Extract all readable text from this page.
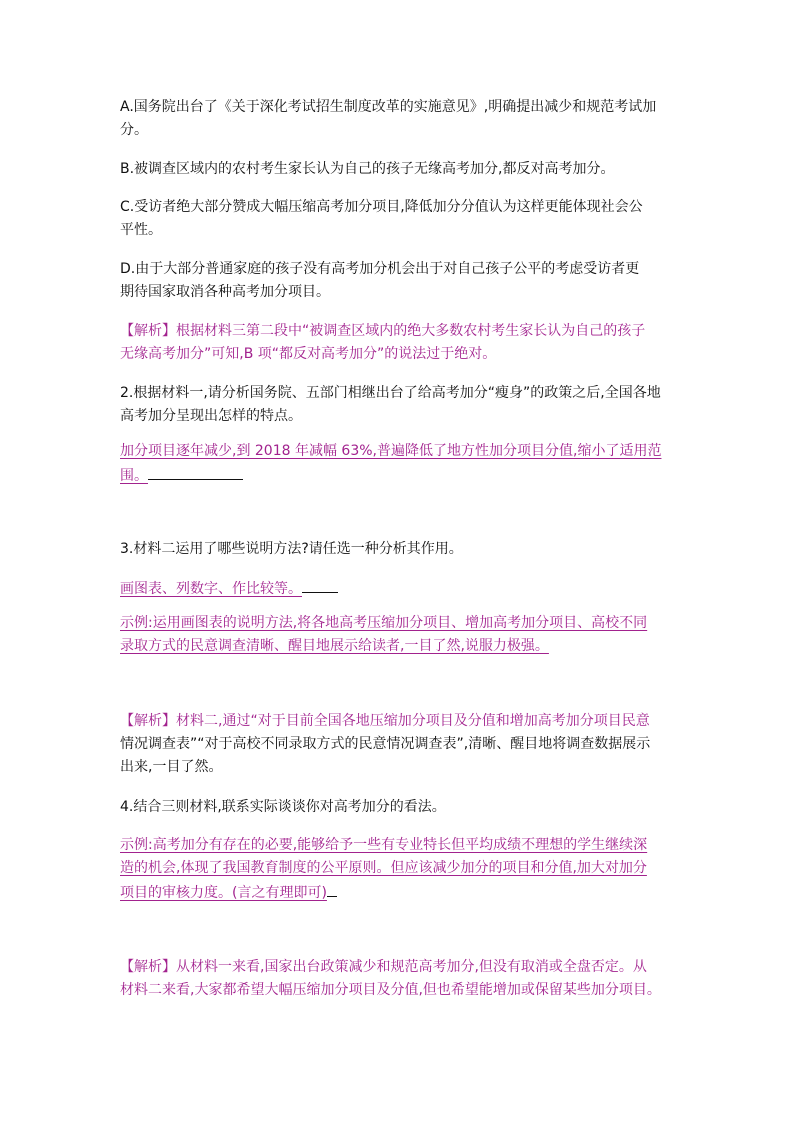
A.国务院出台了《关于深化考试招生制度改革的实施意见》,明确提出减少和规范考试加
分。
B.被调查区域内的农村考生家长认为自己的孩子无缘高考加分,都反对高考加分。
C.受访者绝大部分赞成大幅压缩高考加分项目,降低加分分值认为这样更能体现社会公
平性。
D.由于大部分普通家庭的孩子没有高考加分机会出于对自己孩子公平的考虑受访者更
期待国家取消各种高考加分项目。
【解析】根据材料三第二段中“被调查区域内的绝大多数农村考生家长认为自己的孩子
无缘高考加分”可知,B 项“都反对高考加分”的说法过于绝对。
2.根据材料一,请分析国务院、五部门相继出台了给高考加分“瘦身”的政策之后,全国各地
高考加分呈现出怎样的特点。
加分项目逐年减少,到 2018 年减幅 63%,普遍降低了地方性加分项目分值,缩小了适用范
围。
3.材料二运用了哪些说明方法?请任选一种分析其作用。
画图表、列数字、作比较等。
示例:运用画图表的说明方法,将各地高考压缩加分项目、增加高考加分项目、高校不同
录取方式的民意调查清晰、醒目地展示给读者,一目了然,说服力极强。
【解析】材料二,通过“对于目前全国各地压缩加分项目及分值和增加高考加分项目民意
情况调查表”“对于高校不同录取方式的民意情况调查表”,清晰、醒目地将调查数据展示
出来,一目了然。
4.结合三则材料,联系实际谈谈你对高考加分的看法。
示例:高考加分有存在的必要,能够给予一些有专业特长但平均成绩不理想的学生继续深
造的机会,体现了我国教育制度的公平原则。但应该减少加分的项目和分值,加大对加分
项目的审核力度。(言之有理即可)
【解析】从材料一来看,国家出台政策减少和规范高考加分,但没有取消或全盘否定。从
材料二来看,大家都希望大幅压缩加分项目及分值,但也希望能增加或保留某些加分项目。
